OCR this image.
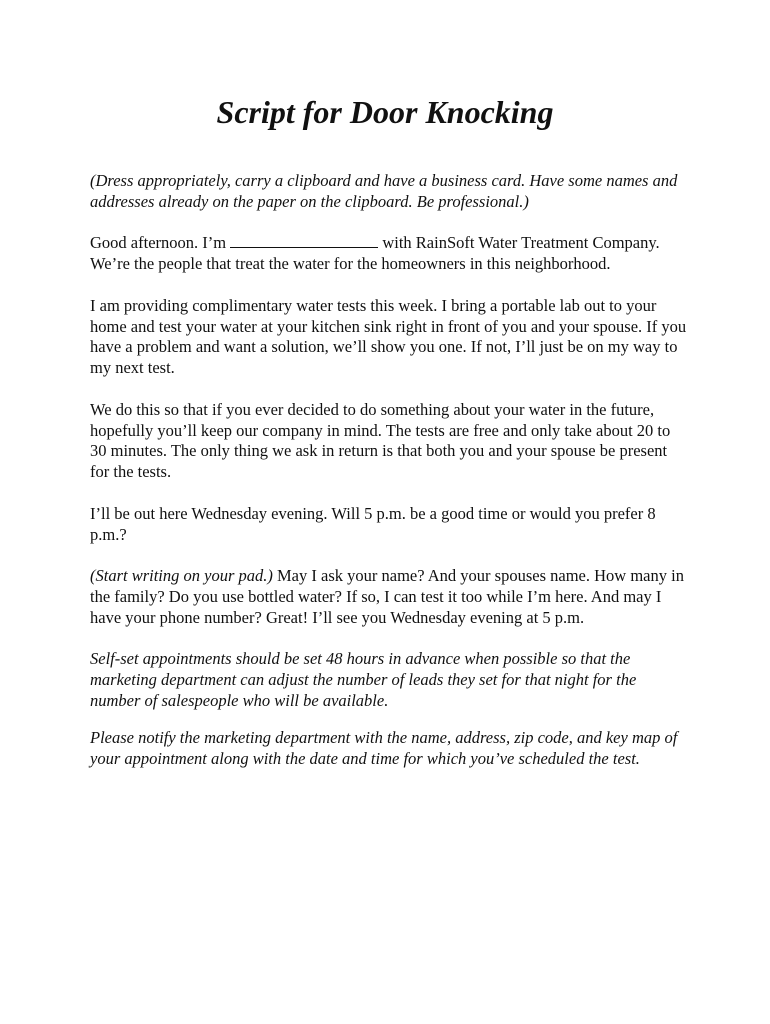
Script for Door Knocking

(Dress appropriately, carry a clipboard and have a business card. Have some names and addresses already on the paper on the clipboard. Be professional.)

Good afternoon. I’m	with RainSoft Water Treatment Company. We’re the people that treat the water for the homeowners in this neighborhood.

I am providing complimentary water tests this week. I bring a portable lab out to your home and test your water at your kitchen sink right in front of you and your spouse. If you have a problem and want a solution, we’ll show you one. If not, I’ll just be on my way to my next test.

We do this so that if you ever decided to do something about your water in the future, hopefully you’ll keep our company in mind. The tests are free and only take about 20 to 30 minutes. The only thing we ask in return is that both you and your spouse be present for the tests.

I’ll be out here Wednesday evening. Will 5 p.m. be a good time or would you prefer 8 p.m.?

(Start writing on your pad.) May I ask your name? And your spouses name. How many in the family? Do you use bottled water? If so, I can test it too while I’m here. And may I have your phone number? Great! I’ll see you Wednesday evening at 5 p.m.

Self-set appointments should be set 48 hours in advance when possible so that the marketing department can adjust the number of leads they set for that night for the number of salespeople who will be available.

Please notify the marketing department with the name, address, zip code, and key map of your appointment along with the date and time for which you’ve scheduled the test.
